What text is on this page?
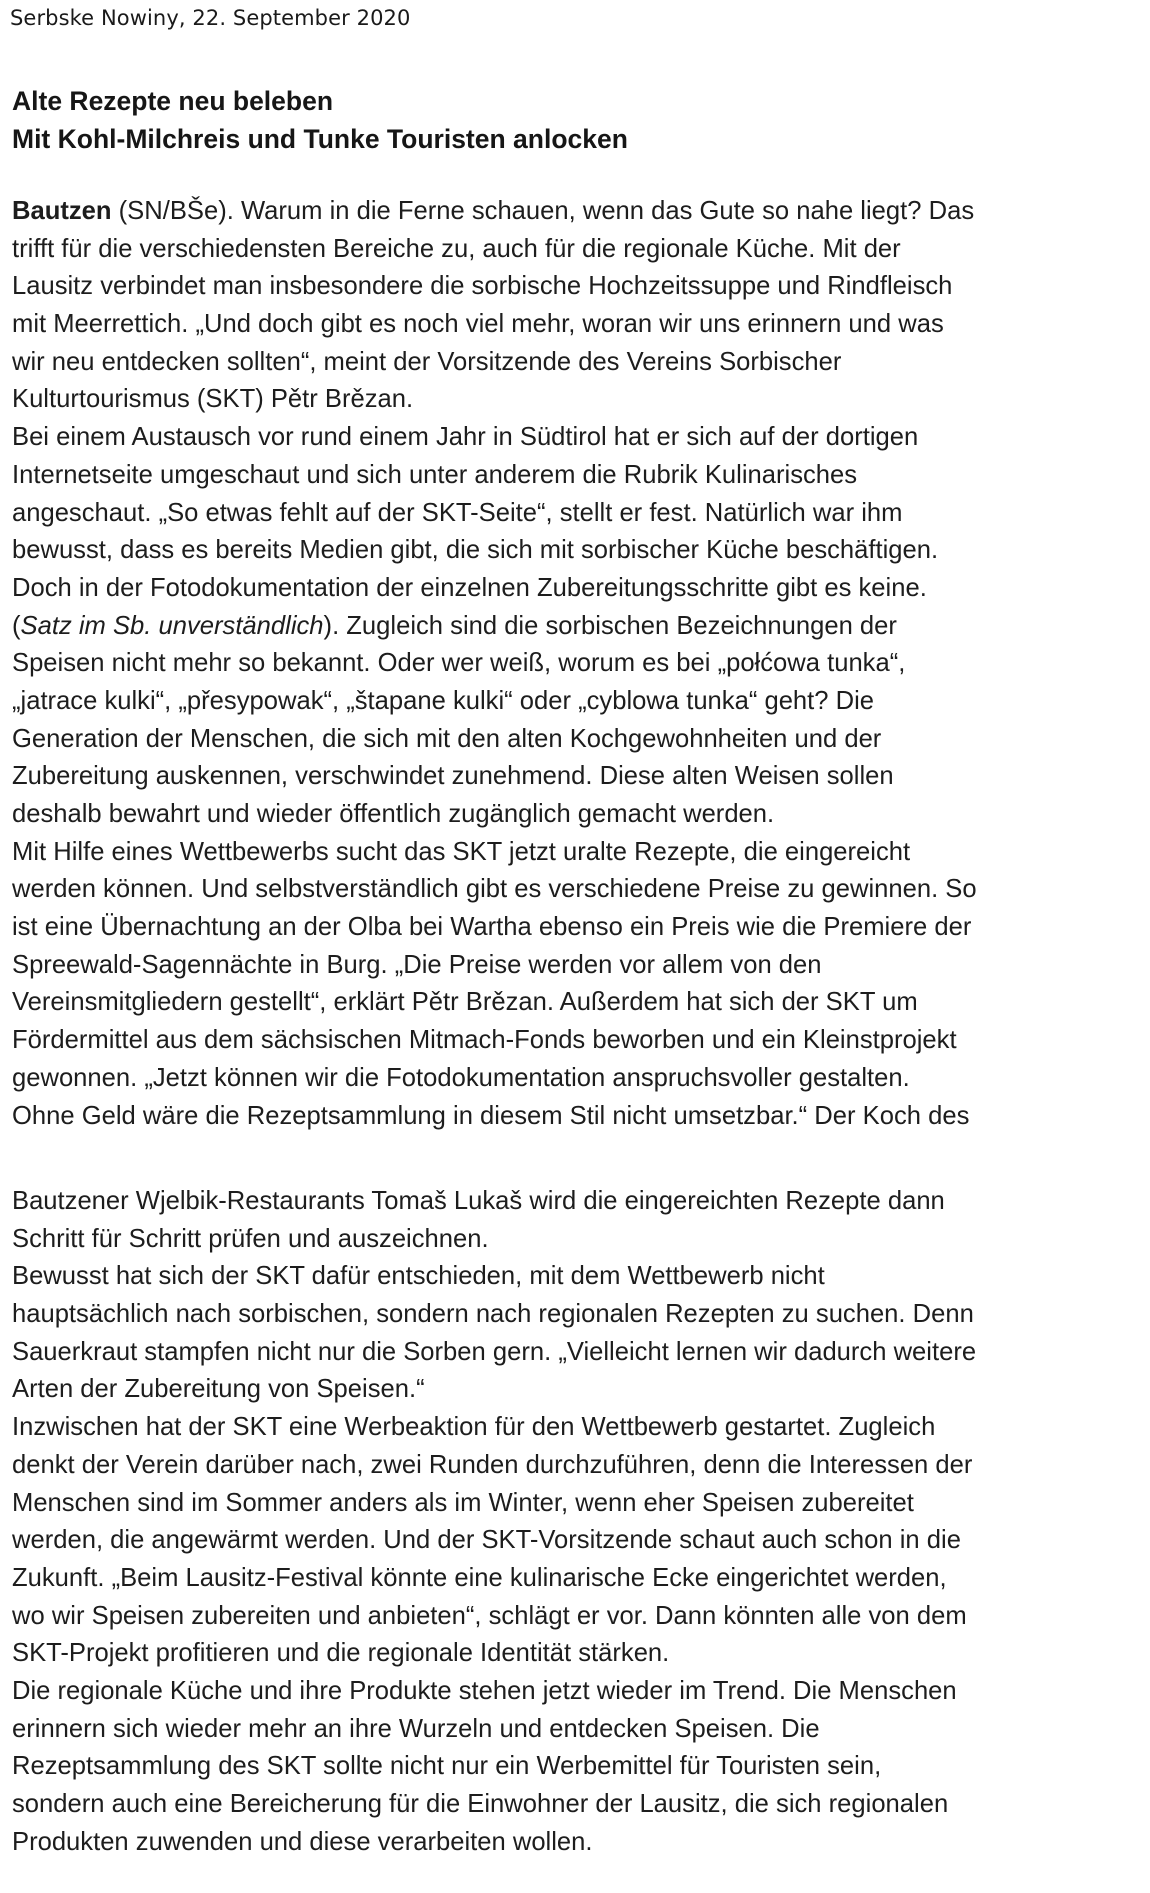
Serbske Nowiny, 22. September 2020
Alte Rezepte neu beleben
Mit Kohl-Milchreis und Tunke Touristen anlocken
Bautzen (SN/BŠe). Warum in die Ferne schauen, wenn das Gute so nahe liegt? Das
trifft für die verschiedensten Bereiche zu, auch für die regionale Küche. Mit der
Lausitz verbindet man insbesondere die sorbische Hochzeitssuppe und Rindfleisch
mit Meerrettich. „Und doch gibt es noch viel mehr, woran wir uns erinnern und was
wir neu entdecken sollten“, meint der Vorsitzende des Vereins Sorbischer
Kulturtourismus (SKT) Pětr Brězan.
Bei einem Austausch vor rund einem Jahr in Südtirol hat er sich auf der dortigen
Internetseite umgeschaut und sich unter anderem die Rubrik Kulinarisches
angeschaut. „So etwas fehlt auf der SKT-Seite“, stellt er fest. Natürlich war ihm
bewusst, dass es bereits Medien gibt, die sich mit sorbischer Küche beschäftigen.
Doch in der Fotodokumentation der einzelnen Zubereitungsschritte gibt es keine.
(Satz im Sb. unverständlich). Zugleich sind die sorbischen Bezeichnungen der
Speisen nicht mehr so bekannt. Oder wer weiß, worum es bei „połćowa tunka“,
„jatrace kulki“, „přesypowak“, „štapane kulki“ oder „cyblowa tunka“ geht? Die
Generation der Menschen, die sich mit den alten Kochgewohnheiten und der
Zubereitung auskennen, verschwindet zunehmend. Diese alten Weisen sollen
deshalb bewahrt und wieder öffentlich zugänglich gemacht werden.
Mit Hilfe eines Wettbewerbs sucht das SKT jetzt uralte Rezepte, die eingereicht
werden können. Und selbstverständlich gibt es verschiedene Preise zu gewinnen. So
ist eine Übernachtung an der Olba bei Wartha ebenso ein Preis wie die Premiere der
Spreewald-Sagennächte in Burg. „Die Preise werden vor allem von den
Vereinsmitgliedern gestellt“, erklärt Pětr Brězan. Außerdem hat sich der SKT um
Fördermittel aus dem sächsischen Mitmach-Fonds beworben und ein Kleinstprojekt
gewonnen. „Jetzt können wir die Fotodokumentation anspruchsvoller gestalten.
Ohne Geld wäre die Rezeptsammlung in diesem Stil nicht umsetzbar.“ Der Koch des
Bautzener Wjelbik-Restaurants Tomaš Lukaš wird die eingereichten Rezepte dann
Schritt für Schritt prüfen und auszeichnen.
Bewusst hat sich der SKT dafür entschieden, mit dem Wettbewerb nicht
hauptsächlich nach sorbischen, sondern nach regionalen Rezepten zu suchen. Denn
Sauerkraut stampfen nicht nur die Sorben gern. „Vielleicht lernen wir dadurch weitere
Arten der Zubereitung von Speisen.“
Inzwischen hat der SKT eine Werbeaktion für den Wettbewerb gestartet. Zugleich
denkt der Verein darüber nach, zwei Runden durchzuführen, denn die Interessen der
Menschen sind im Sommer anders als im Winter, wenn eher Speisen zubereitet
werden, die angewärmt werden. Und der SKT-Vorsitzende schaut auch schon in die
Zukunft. „Beim Lausitz-Festival könnte eine kulinarische Ecke eingerichtet werden,
wo wir Speisen zubereiten und anbieten“, schlägt er vor. Dann könnten alle von dem
SKT-Projekt profitieren und die regionale Identität stärken.
Die regionale Küche und ihre Produkte stehen jetzt wieder im Trend. Die Menschen
erinnern sich wieder mehr an ihre Wurzeln und entdecken Speisen. Die
Rezeptsammlung des SKT sollte nicht nur ein Werbemittel für Touristen sein,
sondern auch eine Bereicherung für die Einwohner der Lausitz, die sich regionalen
Produkten zuwenden und diese verarbeiten wollen.
